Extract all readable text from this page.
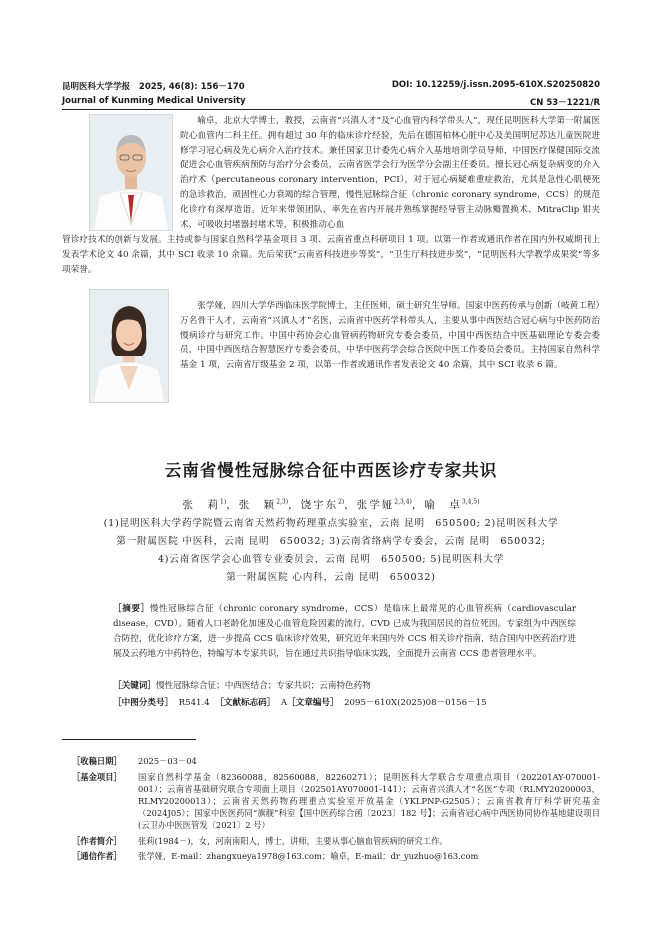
昆明医科大学学报 2025, 46(8): 156－170	DOI: 10.12259/j.issn.2095-610X.S20250820
Journal of Kunming Medical University	CN 53－1221/R
喻卓，北京大学博士，教授，云南省“兴滇人才”及“心血管内科学带头人”，现任昆明医科大学第一附属医院心血管内二科主任。拥有超过 30 年的临床诊疗经验，先后在德国柏林心脏中心及美国明尼苏达儿童医院进修学习冠心病及先心病介入治疗技术。兼任国家卫计委先心病介入基地培训学员导师，中国医疗保健国际交流促进会心血管疾病预防与治疗分会委员，云南省医学会行为医学分会副主任委员。擅长冠心病复杂病变的介入治疗术（percutaneous coronary intervention，PCI），对于冠心病疑难重症救治，尤其是急性心肌梗死的急诊救治，顽固性心力衰竭的综合管理，慢性冠脉综合征（chronic coronary syndrome，CCS）的规范化诊疗有深厚造诣。近年来带领团队，率先在省内开展并熟练掌握经导管主动脉瓣置换术、MitraClip 钳夹术、可吸收封堵器封堵术等，积极推动心血
管诊疗技术的创新与发展。主持或参与国家自然科学基金项目 3 项、云南省重点科研项目 1 项。以第一作者或通讯作者在国内外权威期刊上发表学术论文 40 余篇，其中 SCI 收录 10 余篇。先后荣获“云南省科技进步等奖”，“卫生厅科技进步奖”，“昆明医科大学教学成果奖”等多项荣誉。
张学娅，四川大学华西临床医学院博士，主任医师，硕士研究生导师。国家中医药传承与创新（岐黄工程）万名骨干人才，云南省“兴滇人才”名医，云南省中医药学科带头人，主要从事中西医结合冠心病与中医药防治慢病诊疗与研究工作。中国中药协会心血管病药物研究专委会委员，中国中西医结合中医基础理论专委会委员，中国中西医结合智慧医疗专委会委员，中华中医药学会综合医院中医工作委员会委员。主持国家自然科学基金 1 项，云南省厅级基金 2 项，以第一作者或通讯作者发表论文 40 余篇，其中 SCI 收录 6 篇。
云南省慢性冠脉综合征中西医诊疗专家共识
张　莉$^{1)}$，张　颖$^{2,3)}$，饶宇东$^{2)}$，张学娅$^{2,3,4)}$，喻　卓$^{3,4,5)}$
(1)昆明医科大学药学院暨云南省天然药物药理重点实验室，云南 昆明　650500; 2)昆明医科大学
第一附属医院 中医科，云南 昆明　650032; 3)云南省络病学专委会，云南 昆明　650032;
4)云南省医学会心血管专业委员会，云南 昆明　650500; 5)昆明医科大学
第一附属医院 心内科，云南 昆明　650032)
［摘要］慢性冠脉综合征（chronic coronary syndrome，CCS）是临床上最常见的心血管疾病（cardiovascular disease，CVD）。随着人口老龄化加速及心血管危险因素的流行，CVD 已成为我国居民的首位死因。专家组为中西医综合防控，优化诊疗方案，进一步提高 CCS 临床诊疗效果，研究近年来国内外 CCS 相关诊疗指南，结合国内中医药治疗进展及云药地方中药特色，特编写本专家共识，旨在通过共识指导临床实践，全面提升云南省 CCS 患者管理水平。
［关键词］慢性冠脉综合征；中西医结合；专家共识；云南特色药物
［中图分类号］ R541.4 ［文献标志码］ A［文章编号］ 2095－610X(2025)08－0156－15
［收稿日期］	2025－03－04
［基金项目］	国家自然科学基金（82360088，82560088，82260271）；昆明医科大学联合专项重点项目（202201AY-070001-001）；云南省基础研究联合专项面上项目（202501AY070001-141）；云南省兴滇人才“名医”专项（RLMY20200003，RLMY20200013）；云南省天然药物药理重点实验室开放基金（YKLPNP-G2505）；云南省教育厅科学研究基金（2024J05）；国家中医医药同“旗舰”科室【国中医药综合函〔2023〕182 号】；云南省冠心病中西医协同协作基地建设项目(云卫办中医医管发〔2021〕2 号）
［作者简介］	张莉(1984－)，女，河南南阳人，博士，讲师，主要从事心脑血管疾病的研究工作。
［通信作者］	张学娅，E-mail：zhangxueya1978@163.com；喻卓，E-mail：dr_yuzhuo@163.com
